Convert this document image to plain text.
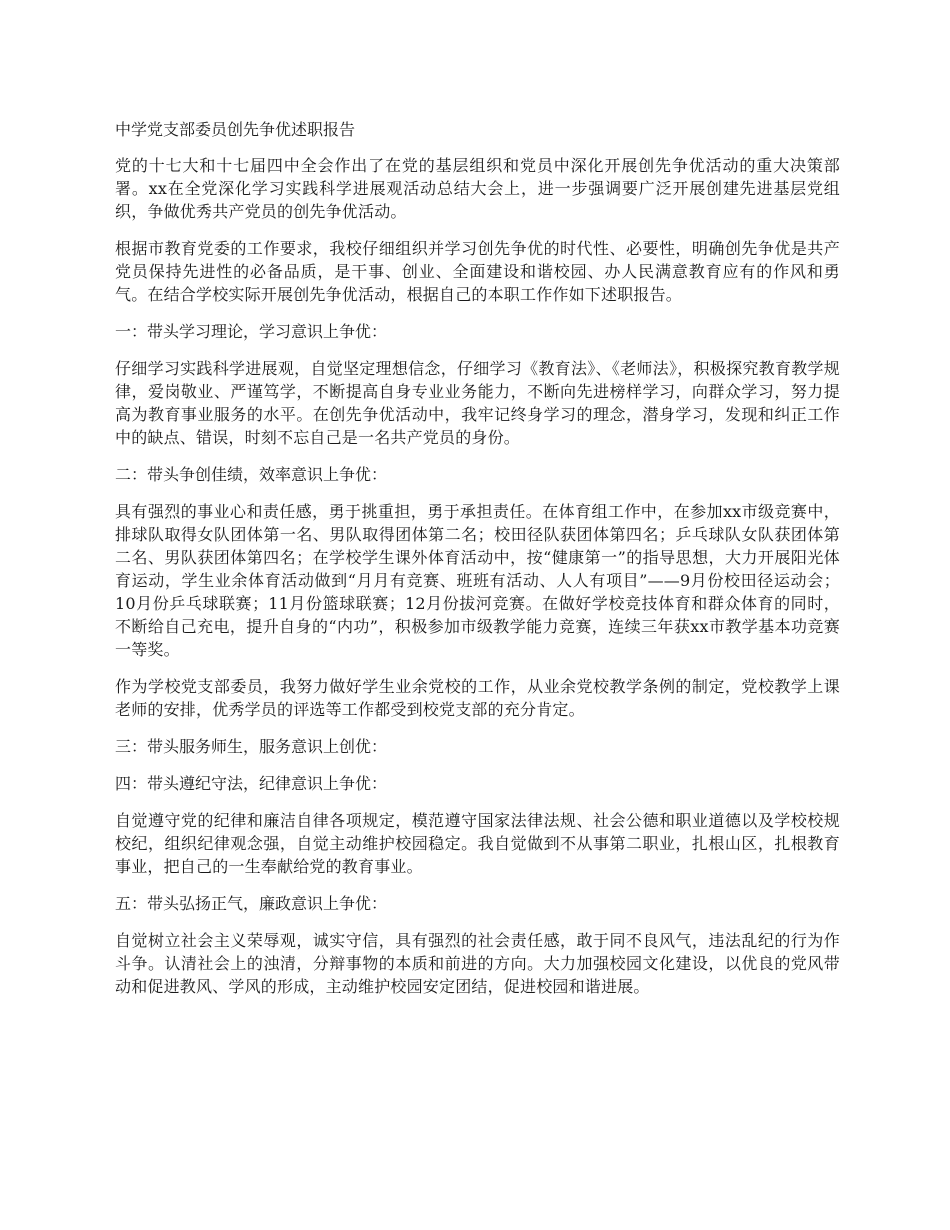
中学党支部委员创先争优述职报告
党的十七大和十七届四中全会作出了在党的基层组织和党员中深化开展创先争优活动的重大决策部署。xx在全党深化学习实践科学进展观活动总结大会上，进一步强调要广泛开展创建先进基层党组织，争做优秀共产党员的创先争优活动。
根据市教育党委的工作要求，我校仔细组织并学习创先争优的时代性、必要性，明确创先争优是共产党员保持先进性的必备品质，是干事、创业、全面建设和谐校园、办人民满意教育应有的作风和勇气。在结合学校实际开展创先争优活动，根据自己的本职工作作如下述职报告。
一：带头学习理论，学习意识上争优：
仔细学习实践科学进展观，自觉坚定理想信念，仔细学习《教育法》、《老师法》，积极探究教育教学规律，爱岗敬业、严谨笃学，不断提高自身专业业务能力，不断向先进榜样学习，向群众学习，努力提高为教育事业服务的水平。在创先争优活动中，我牢记终身学习的理念，潜身学习，发现和纠正工作中的缺点、错误，时刻不忘自己是一名共产党员的身份。
二：带头争创佳绩，效率意识上争优：
具有强烈的事业心和责任感，勇于挑重担，勇于承担责任。在体育组工作中，在参加xx市级竞赛中，排球队取得女队团体第一名、男队取得团体第二名；校田径队获团体第四名；乒乓球队女队获团体第二名、男队获团体第四名；在学校学生课外体育活动中，按“健康第一”的指导思想，大力开展阳光体育运动，学生业余体育活动做到“月月有竞赛、班班有活动、人人有项目”——9月份校田径运动会；10月份乒乓球联赛；11月份篮球联赛；12月份拔河竞赛。在做好学校竞技体育和群众体育的同时，不断给自己充电，提升自身的“内功”，积极参加市级教学能力竞赛，连续三年获xx市教学基本功竞赛一等奖。
作为学校党支部委员，我努力做好学生业余党校的工作，从业余党校教学条例的制定，党校教学上课老师的安排，优秀学员的评选等工作都受到校党支部的充分肯定。
三：带头服务师生，服务意识上创优：
四：带头遵纪守法，纪律意识上争优：
自觉遵守党的纪律和廉洁自律各项规定，模范遵守国家法律法规、社会公德和职业道德以及学校校规校纪，组织纪律观念强，自觉主动维护校园稳定。我自觉做到不从事第二职业，扎根山区，扎根教育事业，把自己的一生奉献给党的教育事业。
五：带头弘扬正气，廉政意识上争优：
自觉树立社会主义荣辱观，诚实守信，具有强烈的社会责任感，敢于同不良风气，违法乱纪的行为作斗争。认清社会上的浊清，分辩事物的本质和前进的方向。大力加强校园文化建设，以优良的党风带动和促进教风、学风的形成，主动维护校园安定团结，促进校园和谐进展。
